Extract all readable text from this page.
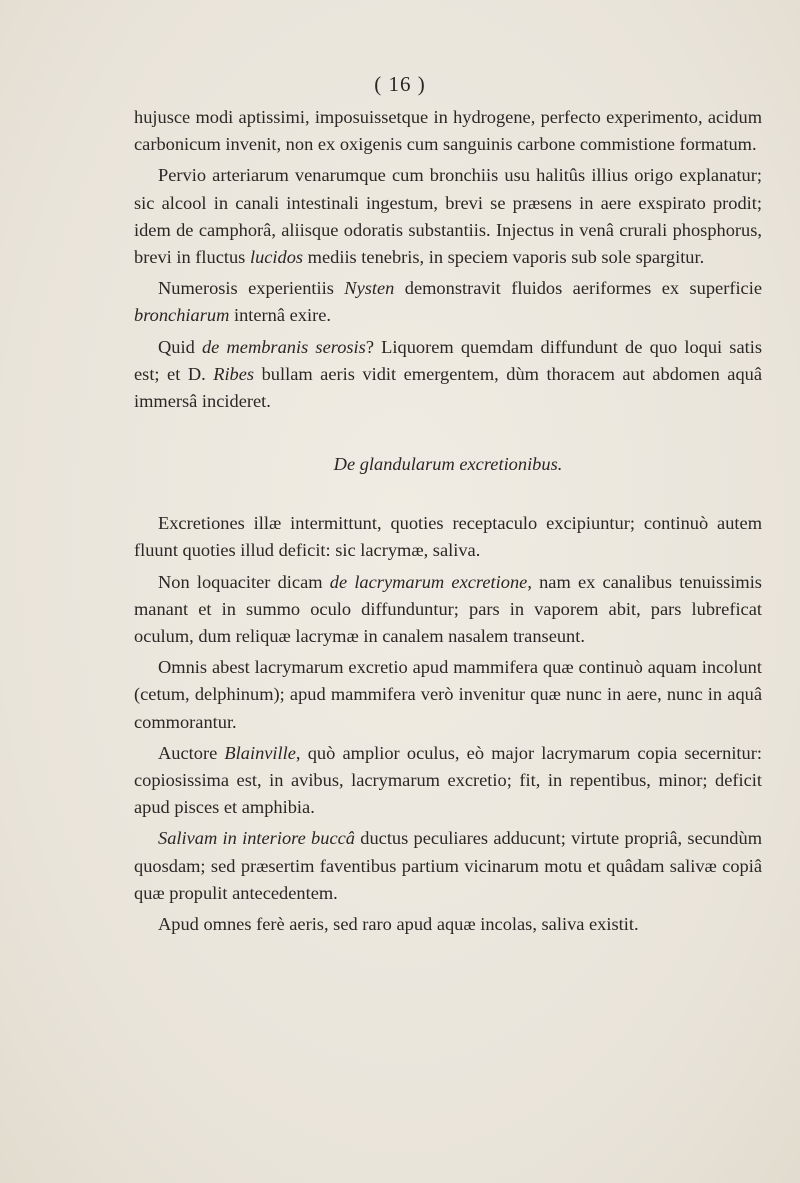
( 16 )

hujusce modi aptissimi, imposuissetque in hydrogene, perfecto experimento, acidum carbonicum invenit, non ex oxigenis cum sanguinis carbone commistione formatum.

Pervio arteriarum venarumque cum bronchiis usu halitûs illius origo explanatur; sic alcool in canali intestinali ingestum, brevi se præsens in aere exspirato prodit; idem de camphorâ, aliisque odoratis substantiis. Injectus in venâ crurali phosphorus, brevi in fluctus lucidos mediis tenebris, in speciem vaporis sub sole spargitur.

Numerosis experientiis Nysten demonstravit fluidos aeriformes ex superficie bronchiarum internâ exire.

Quid de membranis serosis? Liquorem quemdam diffundunt de quo loqui satis est; et D. Ribes bullam aeris vidit emergentem, dùm thoracem aut abdomen aquâ immersâ incideret.

De glandularum excretionibus.

Excretiones illæ intermittunt, quoties receptaculo excipiuntur; continuò autem fluunt quoties illud deficit: sic lacrymæ, saliva.

Non loquaciter dicam de lacrymarum excretione, nam ex canalibus tenuissimis manant et in summo oculo diffunduntur; pars in vaporem abit, pars lubreficat oculum, dum reliquæ lacrymæ in canalem nasalem transeunt.

Omnis abest lacrymarum excretio apud mammifera quæ continuò aquam incolunt (cetum, delphinum); apud mammifera verò invenitur quæ nunc in aere, nunc in aquâ commorantur.

Auctore Blainville, quò amplior oculus, eò major lacrymarum copia secernitur: copiosissima est, in avibus, lacrymarum excretio; fit, in repentibus, minor; deficit apud pisces et amphibia.

Salivam in interiore buccâ ductus peculiares adducunt; virtute propriâ, secundùm quosdam; sed præsertim faventibus partium vicinarum motu et quâdam salivæ copiâ quæ propulit antecedentem.

Apud omnes ferè aeris, sed raro apud aquæ incolas, saliva existit.
